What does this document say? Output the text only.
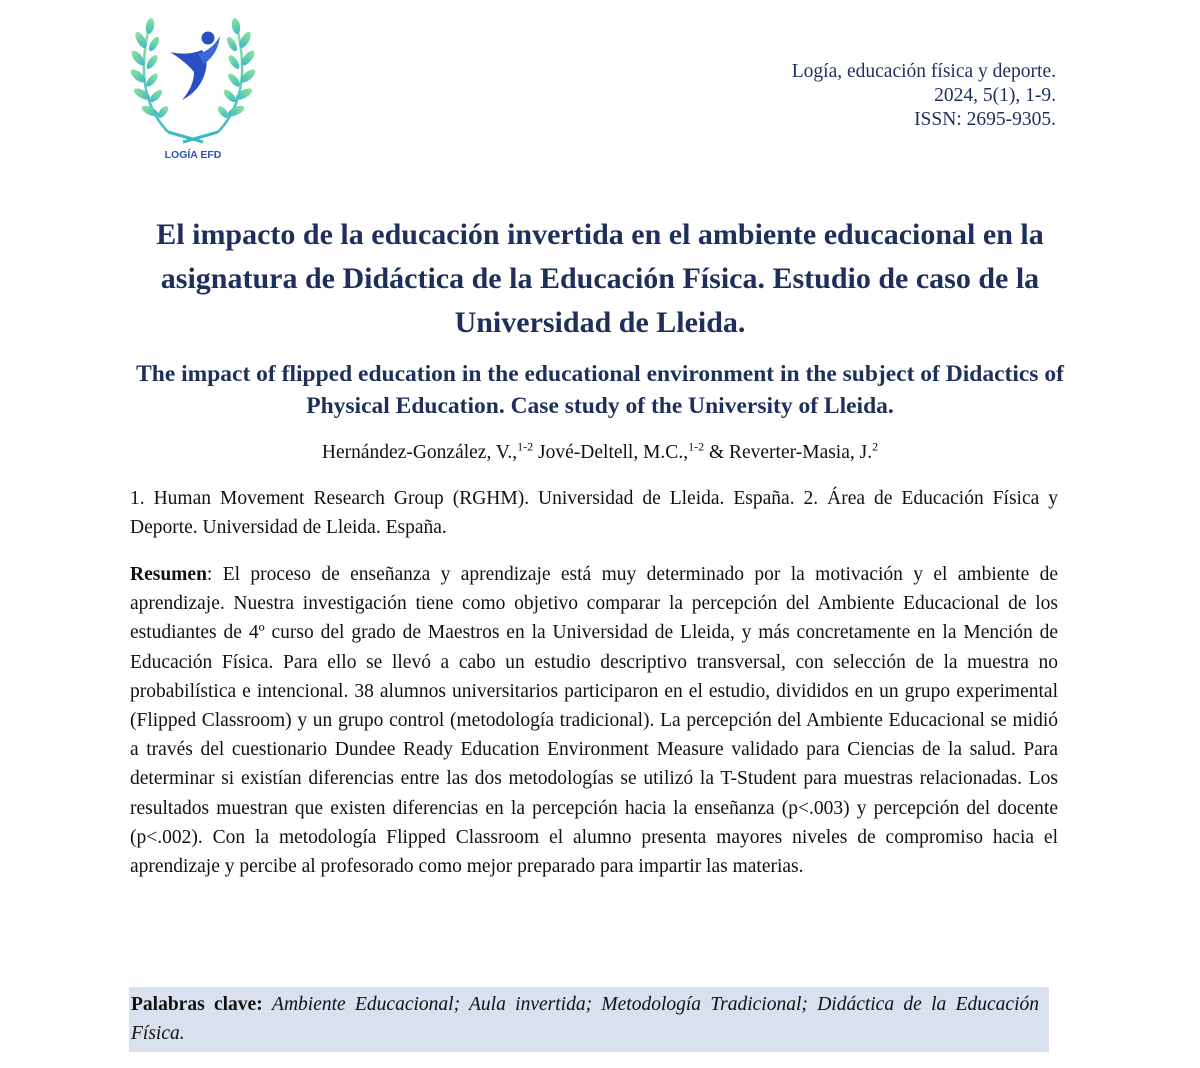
LOGÍA EFD
Logía, educación física y deporte.
2024, 5(1), 1-9.
ISSN: 2695-9305.
El impacto de la educación invertida en el ambiente educacional en la asignatura de Didáctica de la Educación Física. Estudio de caso de la Universidad de Lleida.
The impact of flipped education in the educational environment in the subject of Didactics of Physical Education. Case study of the University of Lleida.
Hernández-González, V.,$^{1-2}$ Jové-Deltell, M.C.,$^{1-2}$ & Reverter-Masia, J.$^2$
1. Human Movement Research Group (RGHM). Universidad de Lleida. España. 2. Área de Educación Física y Deporte. Universidad de Lleida. España.
Resumen: El proceso de enseñanza y aprendizaje está muy determinado por la motivación y el ambiente de aprendizaje. Nuestra investigación tiene como objetivo comparar la percepción del Ambiente Educacional de los estudiantes de 4º curso del grado de Maestros en la Universidad de Lleida, y más concretamente en la Mención de Educación Física. Para ello se llevó a cabo un estudio descriptivo transversal, con selección de la muestra no probabilística e intencional. 38 alumnos universitarios participaron en el estudio, divididos en un grupo experimental (Flipped Classroom) y un grupo control (metodología tradicional). La percepción del Ambiente Educacional se midió a través del cuestionario Dundee Ready Education Environment Measure validado para Ciencias de la salud. Para determinar si existían diferencias entre las dos metodologías se utilizó la T-Student para muestras relacionadas. Los resultados muestran que existen diferencias en la percepción hacia la enseñanza (p<.003) y percepción del docente (p<.002). Con la metodología Flipped Classroom el alumno presenta mayores niveles de compromiso hacia el aprendizaje y percibe al profesorado como mejor preparado para impartir las materias.
Palabras clave: Ambiente Educacional; Aula invertida; Metodología Tradicional; Didáctica de la Educación Física.
